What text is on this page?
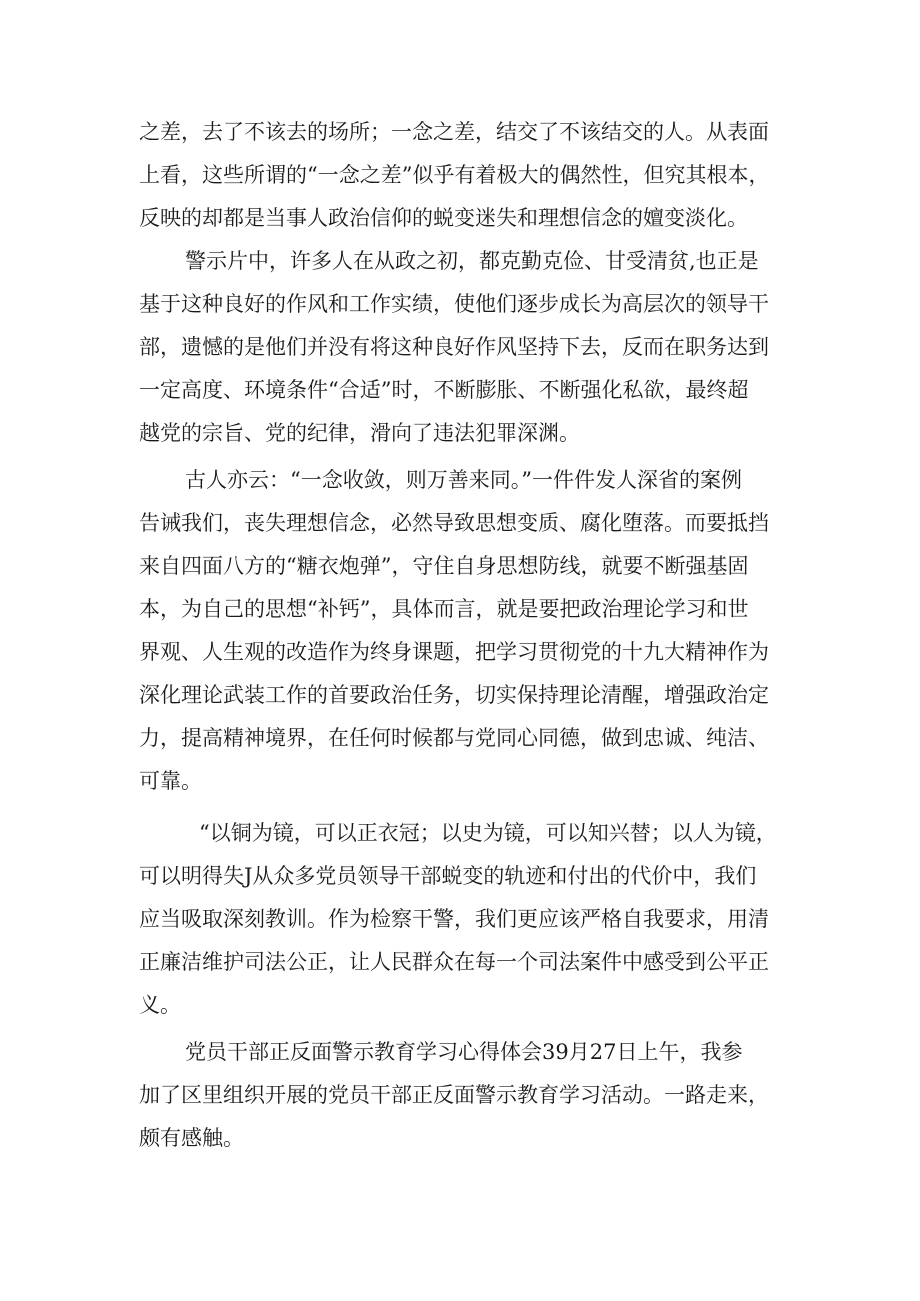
之差，去了不该去的场所；一念之差，结交了不该结交的人。从表面
上看，这些所谓的“一念之差”似乎有着极大的偶然性，但究其根本，
反映的却都是当事人政治信仰的蜕变迷失和理想信念的嬗变淡化。
警示片中，许多人在从政之初，都克勤克俭、甘受清贫,也正是
基于这种良好的作风和工作实绩，使他们逐步成长为高层次的领导干
部，遗憾的是他们并没有将这种良好作风坚持下去，反而在职务达到
一定高度、环境条件“合适”时，不断膨胀、不断强化私欲，最终超
越党的宗旨、党的纪律，滑向了违法犯罪深渊。
古人亦云：“一念收敛，则万善来同。”一件件发人深省的案例
告诫我们，丧失理想信念，必然导致思想变质、腐化堕落。而要抵挡
来自四面八方的“糖衣炮弹”，守住自身思想防线，就要不断强基固
本，为自己的思想“补钙”，具体而言，就是要把政治理论学习和世
界观、人生观的改造作为终身课题，把学习贯彻党的十九大精神作为
深化理论武装工作的首要政治任务，切实保持理论清醒，增强政治定
力，提高精神境界，在任何时候都与党同心同德，做到忠诚、纯洁、
可靠。
“以铜为镜，可以正衣冠；以史为镜，可以知兴替；以人为镜，
可以明得失J从众多党员领导干部蜕变的轨迹和付出的代价中，我们
应当吸取深刻教训。作为检察干警，我们更应该严格自我要求，用清
正廉洁维护司法公正，让人民群众在每一个司法案件中感受到公平正
义。
党员干部正反面警示教育学习心得体会39月27日上午，我参
加了区里组织开展的党员干部正反面警示教育学习活动。一路走来，
颇有感触。
